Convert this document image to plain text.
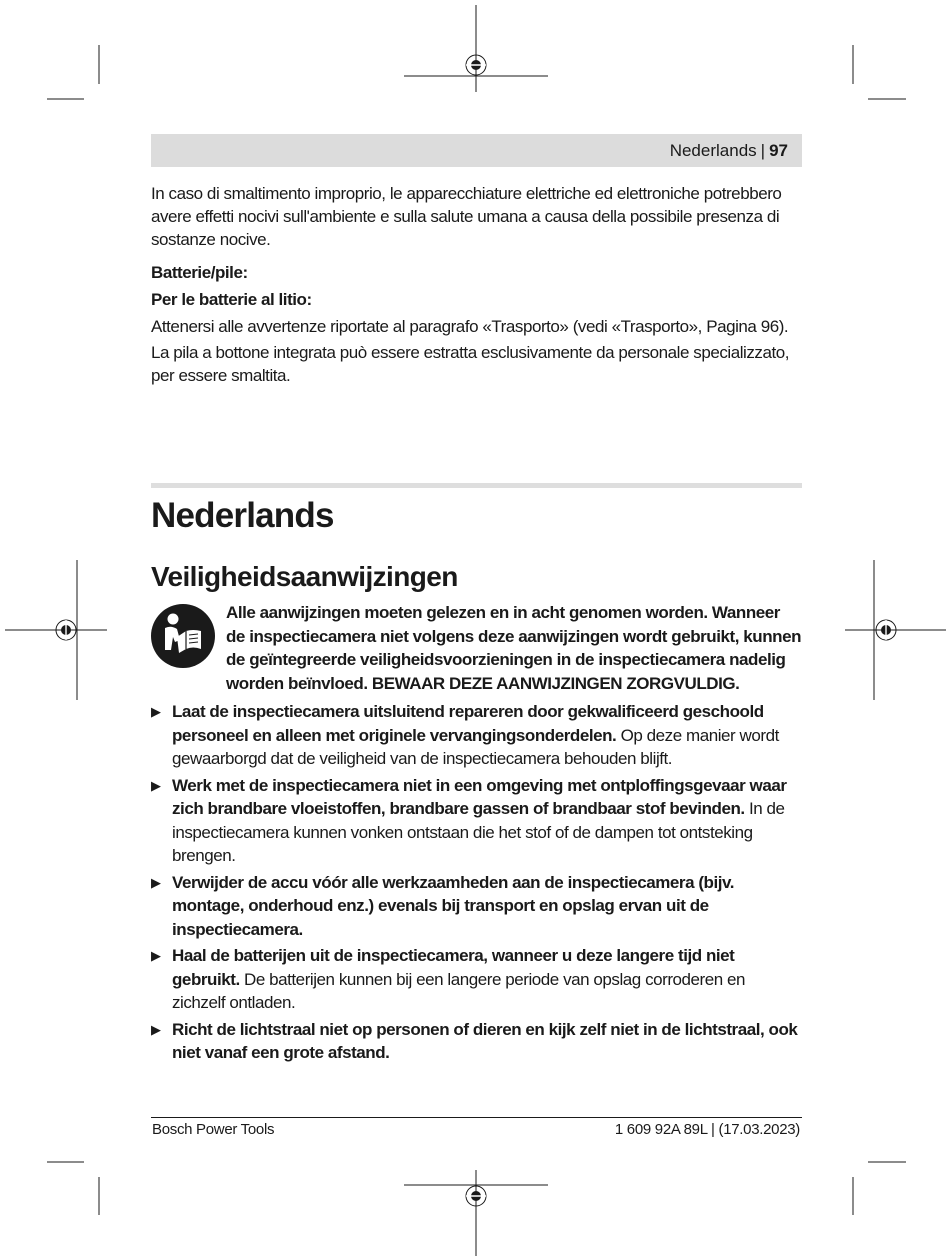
Nederlands | 97

In caso di smaltimento improprio, le apparecchiature elettriche ed elettroniche potrebbero avere effetti nocivi sull'ambiente e sulla salute umana a causa della possibile presenza di sostanze nocive.

Batterie/pile:

Per le batterie al litio:

Attenersi alle avvertenze riportate al paragrafo «Trasporto» (vedi «Trasporto», Pagina 96).

La pila a bottone integrata può essere estratta esclusivamente da personale specializzato, per essere smaltita.

Nederlands
Veiligheidsaanwijzingen

Alle aanwijzingen moeten gelezen en in acht genomen worden. Wanneer de inspectiecamera niet volgens deze aanwijzingen wordt gebruikt, kunnen de geïntegreerde veiligheidsvoorzieningen in de inspectiecamera nadelig worden beïnvloed. BEWAAR DEZE AANWIJZINGEN ZORGVULDIG.

▶ Laat de inspectiecamera uitsluitend repareren door gekwalificeerd geschoold personeel en alleen met originele vervangingsonderdelen. Op deze manier wordt gewaarborgd dat de veiligheid van de inspectiecamera behouden blijft.
▶ Werk met de inspectiecamera niet in een omgeving met ontploffingsgevaar waar zich brandbare vloeistoffen, brandbare gassen of brandbaar stof bevinden. In de inspectiecamera kunnen vonken ontstaan die het stof of de dampen tot ontsteking brengen.
▶ Verwijder de accu vóór alle werkzaamheden aan de inspectiecamera (bijv. montage, onderhoud enz.) evenals bij transport en opslag ervan uit de inspectiecamera.
▶ Haal de batterijen uit de inspectiecamera, wanneer u deze langere tijd niet gebruikt. De batterijen kunnen bij een langere periode van opslag corroderen en zichzelf ontladen.
▶ Richt de lichtstraal niet op personen of dieren en kijk zelf niet in de lichtstraal, ook niet vanaf een grote afstand.
Bosch Power Tools	1 609 92A 89L | (17.03.2023)
